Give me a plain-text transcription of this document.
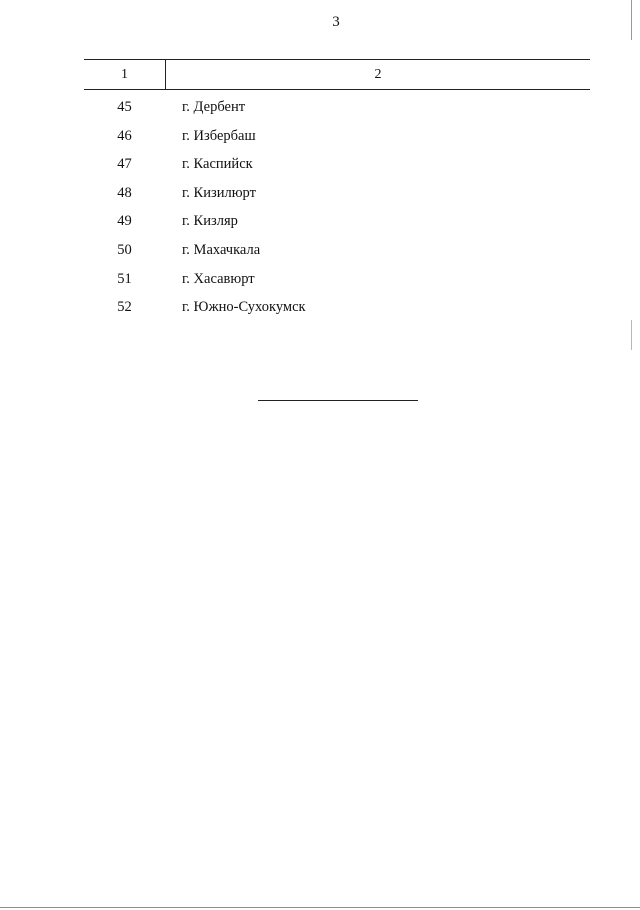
3
1	2
45	г. Дербент
46	г. Избербаш
47	г. Каспийск
48	г. Кизилюрт
49	г. Кизляр
50	г. Махачкала
51	г. Хасавюрт
52	г. Южно-Сухокумск
